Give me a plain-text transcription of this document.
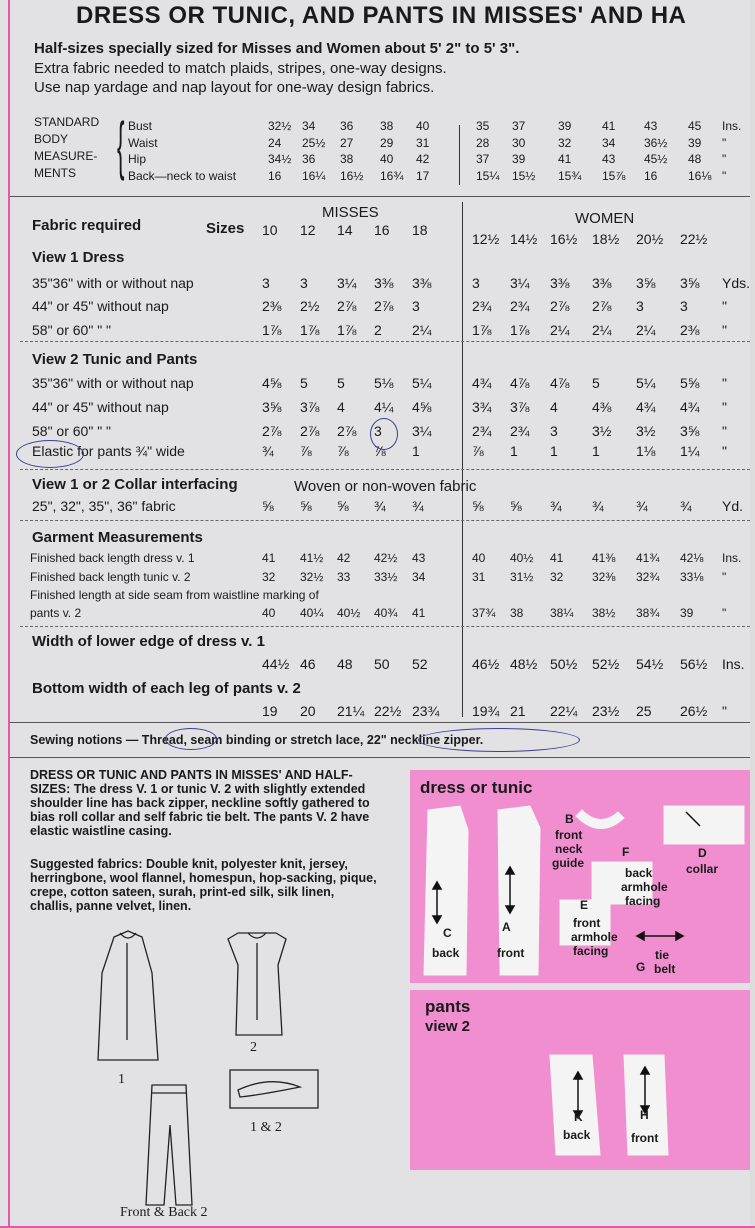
DRESS OR TUNIC, AND PANTS IN MISSES' AND HA
Half-sizes specially sized for Misses and Women about 5' 2" to 5' 3".
Extra fabric needed to match plaids, stripes, one-way designs.
Use nap yardage and nap layout for one-way design fabrics.
STANDARD
BODY
MEASURE-
MENTS { Bust	32½ 34 36 38 40	35 37	39	41 43	45 Ins.
Waist	24 25½ 27 29 31	28 30	32	34 36½ 39 "
Hip	34½ 36 38 40 42	37 39	41	43 45½ 48 "
Back—neck to waist	16 16¼ 16½ 16¾ 17	15¼ 15½ 15¾ 15⅞ 16	16⅛ "
Fabric required	Sizes
MISSES	WOMEN
10 12 14 16 18
12½ 14½ 16½ 18½ 20½ 22½
View 1 Dress
35"36" with or without nap	3 3 3¼ 3⅜ 3⅜	3 3¼ 3⅜ 3⅜ 3⅝ 3⅝ Yds.
44" or 45" without nap	2⅜ 2½ 2⅞ 2⅞ 3	2¾ 2¾ 2⅞ 2⅞ 3	3 "
58" or 60" " "	1⅞ 1⅞ 1⅞ 2 2¼	1⅞ 1⅞ 2¼ 2¼ 2¼ 2⅜ "
View 2 Tunic and Pants
35"36" with or without nap	4⅝ 5 5 5⅛ 5¼	4¾ 4⅞ 4⅞ 5	5¼ 5⅝ "
44" or 45" without nap	3⅝ 3⅞ 4 4¼ 4⅝	3¾ 3⅞ 4 4⅜ 4¾ 4¾ "
58" or 60" " "	2⅞ 2⅞ 2⅞ 3 3¼	2¾ 2¾ 3 3½ 3½ 3⅝ "
Elastic for pants ¾" wide	¾ ⅞ ⅞ ⅞ 1	⅞ 1 1 1	1⅛ 1¼ "
View 1 or 2 Collar interfacing	Woven or non-woven fabric
25", 32", 35", 36" fabric	⅝ ⅝ ⅝ ¾ ¾	⅝ ⅝ ¾ ¾ ¾ ¾ Yd.
Garment Measurements
Finished back length dress v. 1	41 41½ 42 42½ 43	40 40½ 41 41⅜ 41¾ 42⅛ Ins.
Finished back length tunic v. 2	32 32½ 33 33½ 34	31 31½ 32 32⅜ 32¾ 33⅛ "
Finished length at side seam from waistline marking of
pants v. 2	40 40¼ 40½ 40¾ 41	37¾ 38 38¼ 38½ 38¾ 39 "
Width of lower edge of dress v. 1
44½ 46 48 50 52	46½ 48½ 50½ 52½ 54½ 56½ Ins.
Bottom width of each leg of pants v. 2
19 20 21¼ 22½ 23¾ 19¾ 21 22¼ 23½ 25 26½ "
Sewing notions — Thread, seam binding or stretch lace, 22" neckline zipper.
DRESS OR TUNIC AND PANTS IN MISSES' AND HALF-SIZES: The dress V. 1 or tunic V. 2 with slightly extended shoulder line has back zipper, neckline softly gathered to bias roll collar and self fabric tie belt. The pants V. 2 have elastic waistline casing.
Suggested fabrics: Double knit, polyester knit, jersey, herringbone, wool flannel, homespun, hop-sacking, pique, crepe, cotton sateen, surah, print-ed silk, silk linen, challis, panne velvet, linen.
1
2
1 & 2
Front & Back 2
dress or tunic
pants
view 2
C
back
A
front
B
front
neck
guide
F
back
armhole
facing
D
collar
E
front
armhole
facing
G
tie
belt
K
back
H
front
